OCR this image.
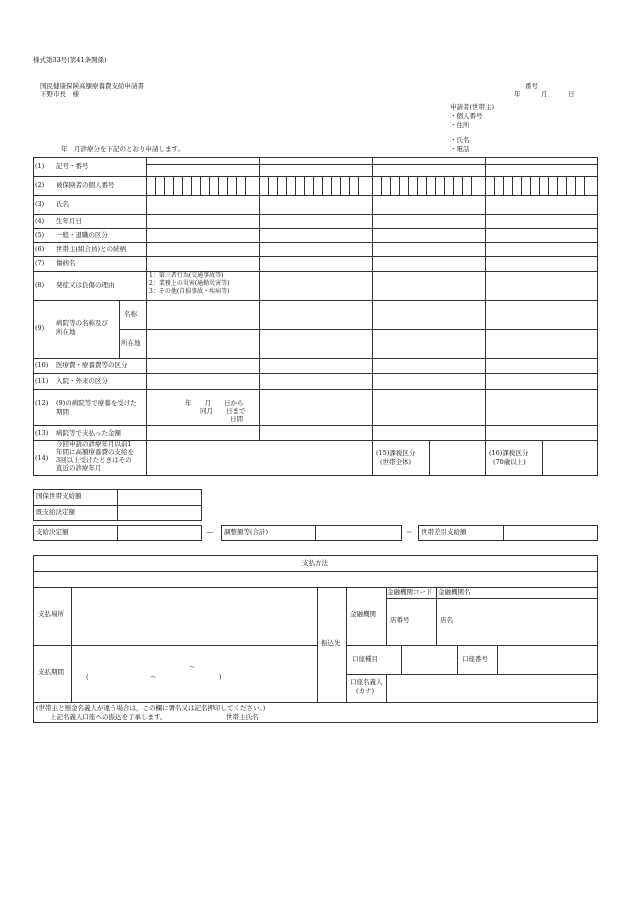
様式第33号(第41条関係)
国民健康保険高額療養費支給申請書
下野市長　様
番号
年	月	日
申請者(世帯主)
・個人番号
・住所
・氏名
・電話
年　月診療分を下記のとおり申請します。
(1) 記号・番号
(2) 被保険者の個人番号
(3) 氏名
(4) 生年月日
(5) 一般・退職の区分
(6) 世帯主(組合員)との続柄
(7) 傷病名
(8) 発症又は負傷の理由
1：第三者行為(交通事故等)
2：業務上の災害(通勤災害等)
3：その他(自損事故・疾病等)
(9)
病院等の名称及び
所在地
名称
所在地
(10) 医療費・療養費等の区分
(11) 入院・外来の区分
(12) (9)の病院等で療養を受けた
期間
年　　月　　日から
同月　　日まで
日間
(13) 病院等で支払った金額
(14)
今回申請の診療年月以前1
年間に高額療養費の支給を
3回以上受けたときはその
直近の診療年月
(15)課税区分
(世帯全体)
(16)課税区分
(70歳以上)
国保世帯支給額
既支給決定額
支給決定額	― 調整額等(合計)	＝ 世帯差引支給額
支払方法
支払場所
支払期間
～
(	～	)
振込先
金融機関
金融機関コード 金融機関名
店番号	店名
口座種目	口座番号
口座名義人
(カナ)
(世帯主と預金名義人が違う場合は，この欄に署名又は記名押印してください。)
上記名義人口座への振込を了承します。	世帯主氏名
